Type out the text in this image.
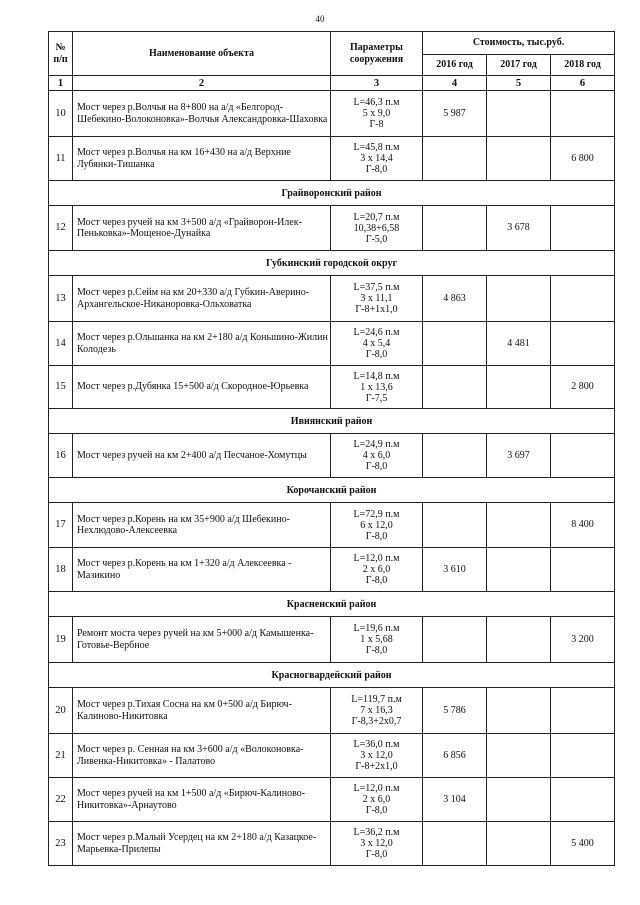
40
№
п/п	Наименование объекта	Параметры
сооружения	Стоимость, тыс.руб.		
			2016 год	2017 год	2018 год
1	2	3	4	5	6
10	Мост через р.Волчья на 8+800 на а/д «Белгород-Шебекино-Волоконовка»-Волчья Александровка-Шаховка	L=46,3 п.м
5 х 9,0
Г-8	5 987		
11	Мост через р.Волчья на км 16+430 на а/д Верхние Лубянки-Тишанка	L=45,8 п.м
3 х 14,4
Г-8,0			6 800
Грайворонский район					
12	Мост через ручей на км 3+500 а/д «Грайворон-Илек-Пеньковка»-Мощеное-Дунайка	L=20,7 п.м
10,38+6,58
Г-5,0		3 678	
Губкинский городской округ					
13	Мост через р.Сейм на км 20+330 а/д Губкин-Аверино-Архангельское-Никаноровка-Ольховатка	L=37,5 п.м
3 х 11,1
Г-8+1х1,0	4 863		
14	Мост через р.Ольшанка на км 2+180 а/д Коньшино-Жилин Колодезь	L=24,6 п.м
4 х 5,4
Г-8,0		4 481	
15	Мост через р.Дубянка 15+500 а/д Скородное-Юрьевка	L=14,8 п.м
1 х 13,6
Г-7,5			2 800
Ивнянский район					
16	Мост через ручей на км 2+400 а/д Песчаное-Хомутцы	L=24,9 п.м
4 х 6,0
Г-8,0		3 697	
Корочанский район					
17	Мост через р.Корень на км 35+900 а/д Шебекино-Нехлюдово-Алексеевка	L=72,9 п.м
6 х 12,0
Г-8,0			8 400
18	Мост через р.Корень на км 1+320 а/д Алексеевка - Мазикино	L=12,0 п.м
2 х 6,0
Г-8,0	3 610		
Красненский район					
19	Ремонт моста через ручей на км 5+000 а/д Камышенка-Готовье-Вербное	L=19,6 п.м
1 х 5,68
Г-8,0			3 200
Красногвардейский район					
20	Мост через р.Тихая Сосна на км 0+500 а/д Бирюч-Калиново-Никитовка	L=119,7 п.м
7 х 16,3
Г-8,3+2х0,7	5 786		
21	Мост через р. Сенная на км 3+600 а/д «Волоконовка-Ливенка-Никитовка» - Палатово	L=36,0 п.м
3 х 12,0
Г-8+2х1,0	6 856		
22	Мост через ручей на км 1+500 а/д «Бирюч-Калиново-Никитовка»-Арнаутово	L=12,0 п.м
2 х 6,0
Г-8,0	3 104		
23	Мост через р.Малый Усердец на км 2+180 а/д Казацкое-Марьевка-Прилепы	L=36,2 п.м
3 х 12,0
Г-8,0			5 400
